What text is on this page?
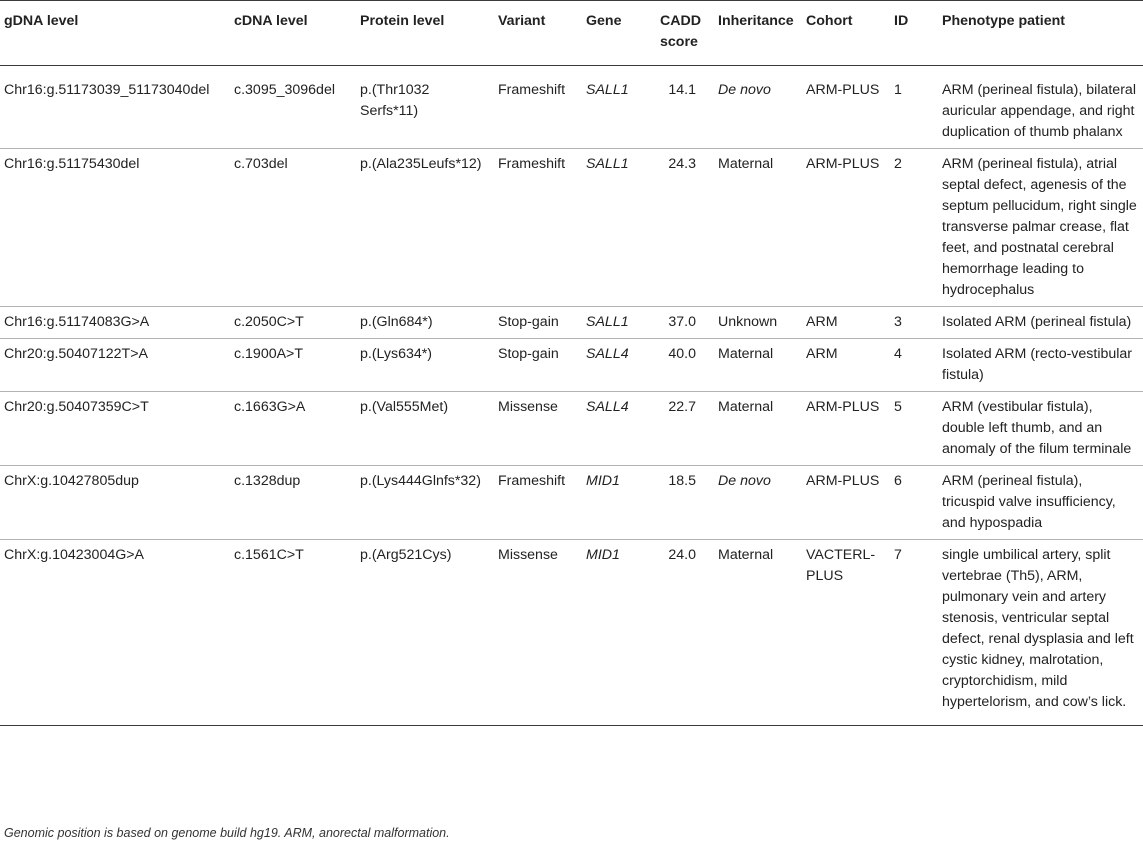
gDNA level	cDNA level	Protein level	Variant	Gene	CADD score	Inheritance	Cohort	ID	Phenotype patient
Chr16:g.51173039_51173040del	c.3095_3096del	p.(Thr1032 Serfs*11)	Frameshift	SALL1	14.1	De novo	ARM-PLUS	1	ARM (perineal fistula), bilateral auricular appendage, and right duplication of thumb phalanx
Chr16:g.51175430del	c.703del	p.(Ala235Leufs*12)	Frameshift	SALL1	24.3	Maternal	ARM-PLUS	2	ARM (perineal fistula), atrial septal defect, agenesis of the septum pellucidum, right single transverse palmar crease, flat feet, and postnatal cerebral hemorrhage leading to hydrocephalus
Chr16:g.51174083G>A	c.2050C>T	p.(Gln684*)	Stop-gain	SALL1	37.0	Unknown	ARM	3	Isolated ARM (perineal fistula)
Chr20:g.50407122T>A	c.1900A>T	p.(Lys634*)	Stop-gain	SALL4	40.0	Maternal	ARM	4	Isolated ARM (recto-vestibular fistula)
Chr20:g.50407359C>T	c.1663G>A	p.(Val555Met)	Missense	SALL4	22.7	Maternal	ARM-PLUS	5	ARM (vestibular fistula), double left thumb, and an anomaly of the filum terminale
ChrX:g.10427805dup	c.1328dup	p.(Lys444Glnfs*32)	Frameshift	MID1	18.5	De novo	ARM-PLUS	6	ARM (perineal fistula), tricuspid valve insufficiency, and hypospadia
ChrX:g.10423004G>A	c.1561C>T	p.(Arg521Cys)	Missense	MID1	24.0	Maternal	VACTERL-PLUS	7	single umbilical artery, split vertebrae (Th5), ARM, pulmonary vein and artery stenosis, ventricular septal defect, renal dysplasia and left cystic kidney, malrotation, cryptorchidism, mild hypertelorism, and cow’s lick.
Genomic position is based on genome build hg19. ARM, anorectal malformation.
